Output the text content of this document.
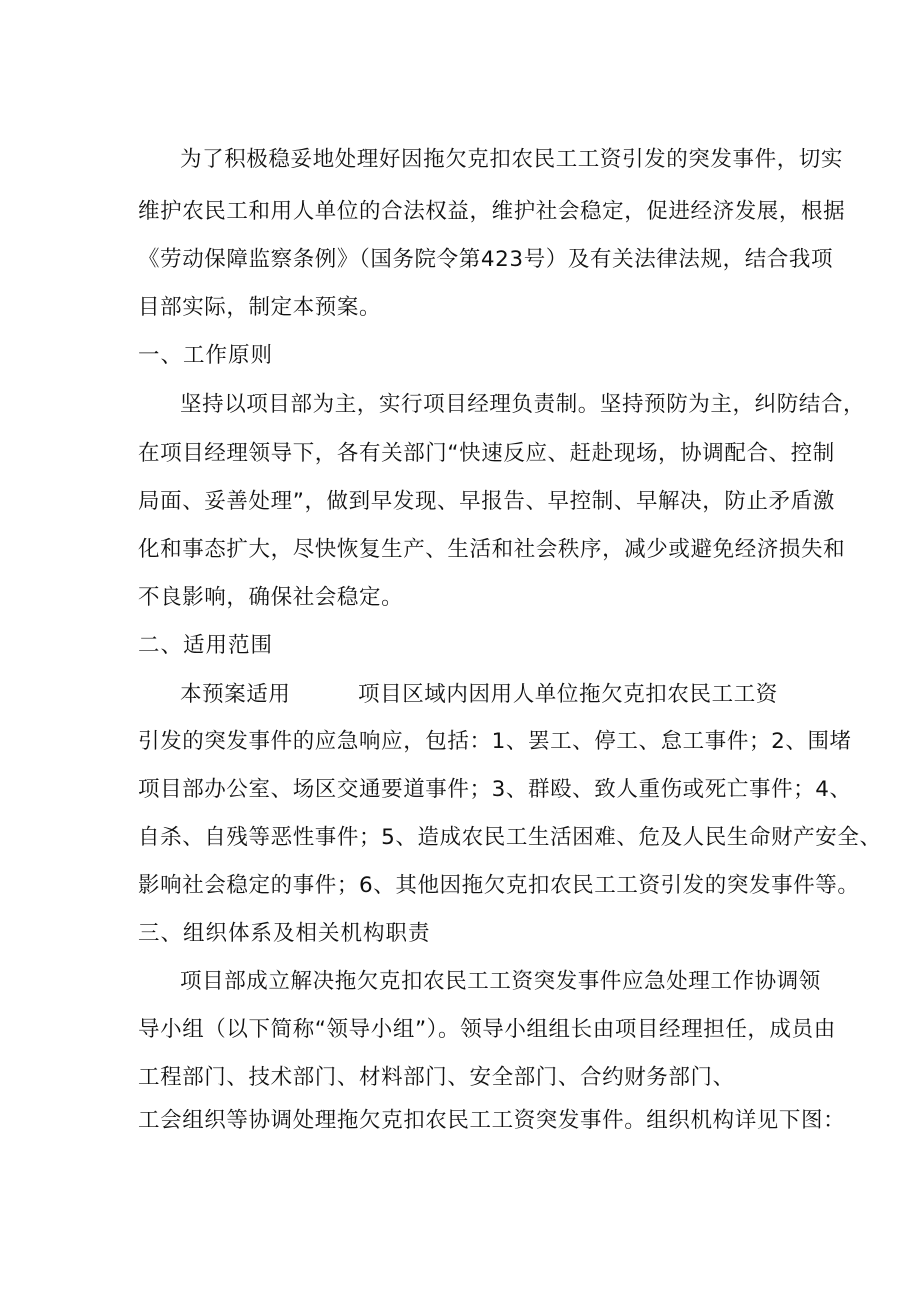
为了积极稳妥地处理好因拖欠克扣农民工工资引发的突发事件，切实
维护农民工和用人单位的合法权益，维护社会稳定，促进经济发展，根据
《劳动保障监察条例》（国务院令第423号）及有关法律法规，结合我项
目部实际，制定本预案。
一、工作原则
坚持以项目部为主，实行项目经理负责制。坚持预防为主，纠防结合，
在项目经理领导下，各有关部门“快速反应、赶赴现场，协调配合、控制
局面、妥善处理”，做到早发现、早报告、早控制、早解决，防止矛盾激
化和事态扩大，尽快恢复生产、生活和社会秩序，减少或避免经济损失和
不良影响，确保社会稳定。
二、适用范围
本预案适用	项目区域内因用人单位拖欠克扣农民工工资
引发的突发事件的应急响应，包括：1、罢工、停工、怠工事件；2、围堵
项目部办公室、场区交通要道事件；3、群殴、致人重伤或死亡事件；4、
自杀、自残等恶性事件；5、造成农民工生活困难、危及人民生命财产安全、
影响社会稳定的事件；6、其他因拖欠克扣农民工工资引发的突发事件等。
三、组织体系及相关机构职责
项目部成立解决拖欠克扣农民工工资突发事件应急处理工作协调领
导小组（以下简称“领导小组”）。领导小组组长由项目经理担任，成员由
工程部门、技术部门、材料部门、安全部门、合约财务部门、
工会组织等协调处理拖欠克扣农民工工资突发事件。组织机构详见下图：
